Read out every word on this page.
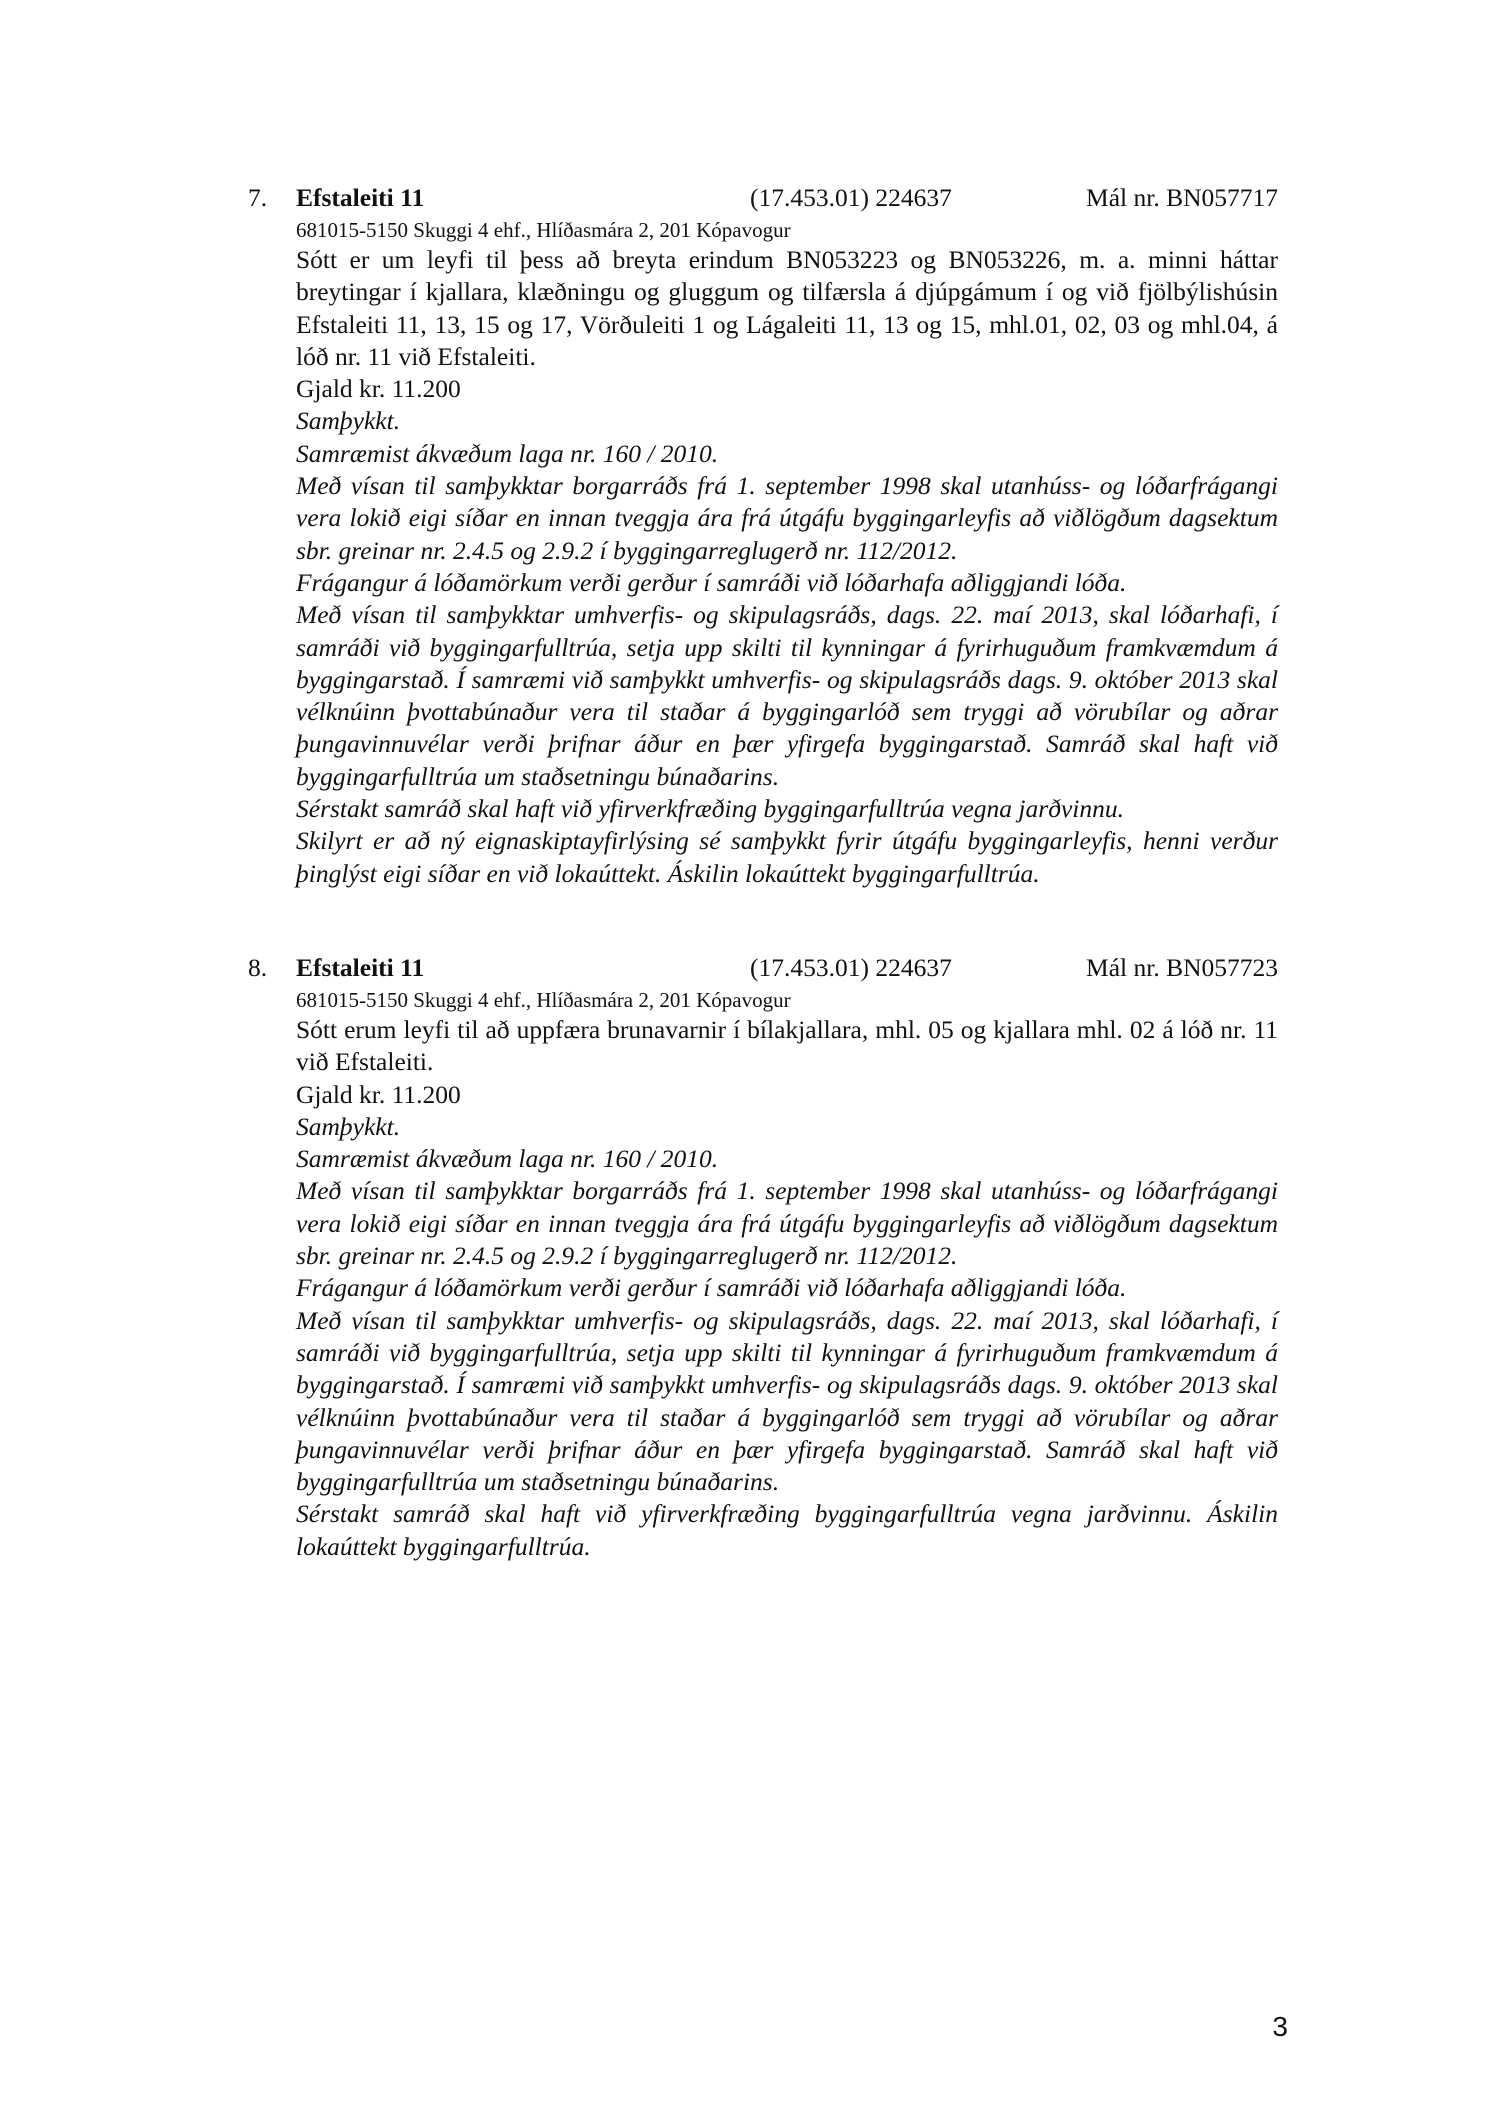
7. Efstaleiti 11	(17.453.01) 224637	Mál nr. BN057717

681015-5150 Skuggi 4 ehf., Hlíðasmára 2, 201 Kópavogur

Sótt er um leyfi til þess að breyta erindum BN053223 og BN053226, m. a. minni háttar breytingar í kjallara, klæðningu og gluggum og tilfærsla á djúpgámum í og við fjölbýlishúsin Efstaleiti 11, 13, 15 og 17, Vörðuleiti 1 og Lágaleiti 11, 13 og 15, mhl.01, 02, 03 og mhl.04, á lóð nr. 11 við Efstaleiti.

Gjald kr. 11.200

Samþykkt.

Samræmist ákvæðum laga nr. 160 / 2010.

Með vísan til samþykktar borgarráðs frá 1. september 1998 skal utanhúss- og lóðarfrágangi vera lokið eigi síðar en innan tveggja ára frá útgáfu byggingarleyfis að viðlögðum dagsektum sbr. greinar nr. 2.4.5 og 2.9.2 í byggingarreglugerð nr. 112/2012.

Frágangur á lóðamörkum verði gerður í samráði við lóðarhafa aðliggjandi lóða.

Með vísan til samþykktar umhverfis- og skipulagsráðs, dags. 22. maí 2013, skal lóðarhafi, í samráði við byggingarfulltrúa, setja upp skilti til kynningar á fyrirhuguðum framkvæmdum á byggingarstað. Í samræmi við samþykkt umhverfis- og skipulagsráðs dags. 9. október 2013 skal vélknúinn þvottabúnaður vera til staðar á byggingarlóð sem tryggi að vörubílar og aðrar þungavinnuvélar verði þrifnar áður en þær yfirgefa byggingarstað. Samráð skal haft við byggingarfulltrúa um staðsetningu búnaðarins.

Sérstakt samráð skal haft við yfirverkfræðing byggingarfulltrúa vegna jarðvinnu.

Skilyrt er að ný eignaskiptayfirlýsing sé samþykkt fyrir útgáfu byggingarleyfis, henni verður þinglýst eigi síðar en við lokaúttekt. Áskilin lokaúttekt byggingarfulltrúa.

8. Efstaleiti 11	(17.453.01) 224637	Mál nr. BN057723

681015-5150 Skuggi 4 ehf., Hlíðasmára 2, 201 Kópavogur

Sótt erum leyfi til að uppfæra brunavarnir í bílakjallara, mhl. 05 og kjallara mhl. 02 á lóð nr. 11 við Efstaleiti.

Gjald kr. 11.200

Samþykkt.

Samræmist ákvæðum laga nr. 160 / 2010.

Með vísan til samþykktar borgarráðs frá 1. september 1998 skal utanhúss- og lóðarfrágangi vera lokið eigi síðar en innan tveggja ára frá útgáfu byggingarleyfis að viðlögðum dagsektum sbr. greinar nr. 2.4.5 og 2.9.2 í byggingarreglugerð nr. 112/2012.

Frágangur á lóðamörkum verði gerður í samráði við lóðarhafa aðliggjandi lóða.

Með vísan til samþykktar umhverfis- og skipulagsráðs, dags. 22. maí 2013, skal lóðarhafi, í samráði við byggingarfulltrúa, setja upp skilti til kynningar á fyrirhuguðum framkvæmdum á byggingarstað. Í samræmi við samþykkt umhverfis- og skipulagsráðs dags. 9. október 2013 skal vélknúinn þvottabúnaður vera til staðar á byggingarlóð sem tryggi að vörubílar og aðrar þungavinnuvélar verði þrifnar áður en þær yfirgefa byggingarstað. Samráð skal haft við byggingarfulltrúa um staðsetningu búnaðarins.

Sérstakt samráð skal haft við yfirverkfræðing byggingarfulltrúa vegna jarðvinnu. Áskilin lokaúttekt byggingarfulltrúa.

3
